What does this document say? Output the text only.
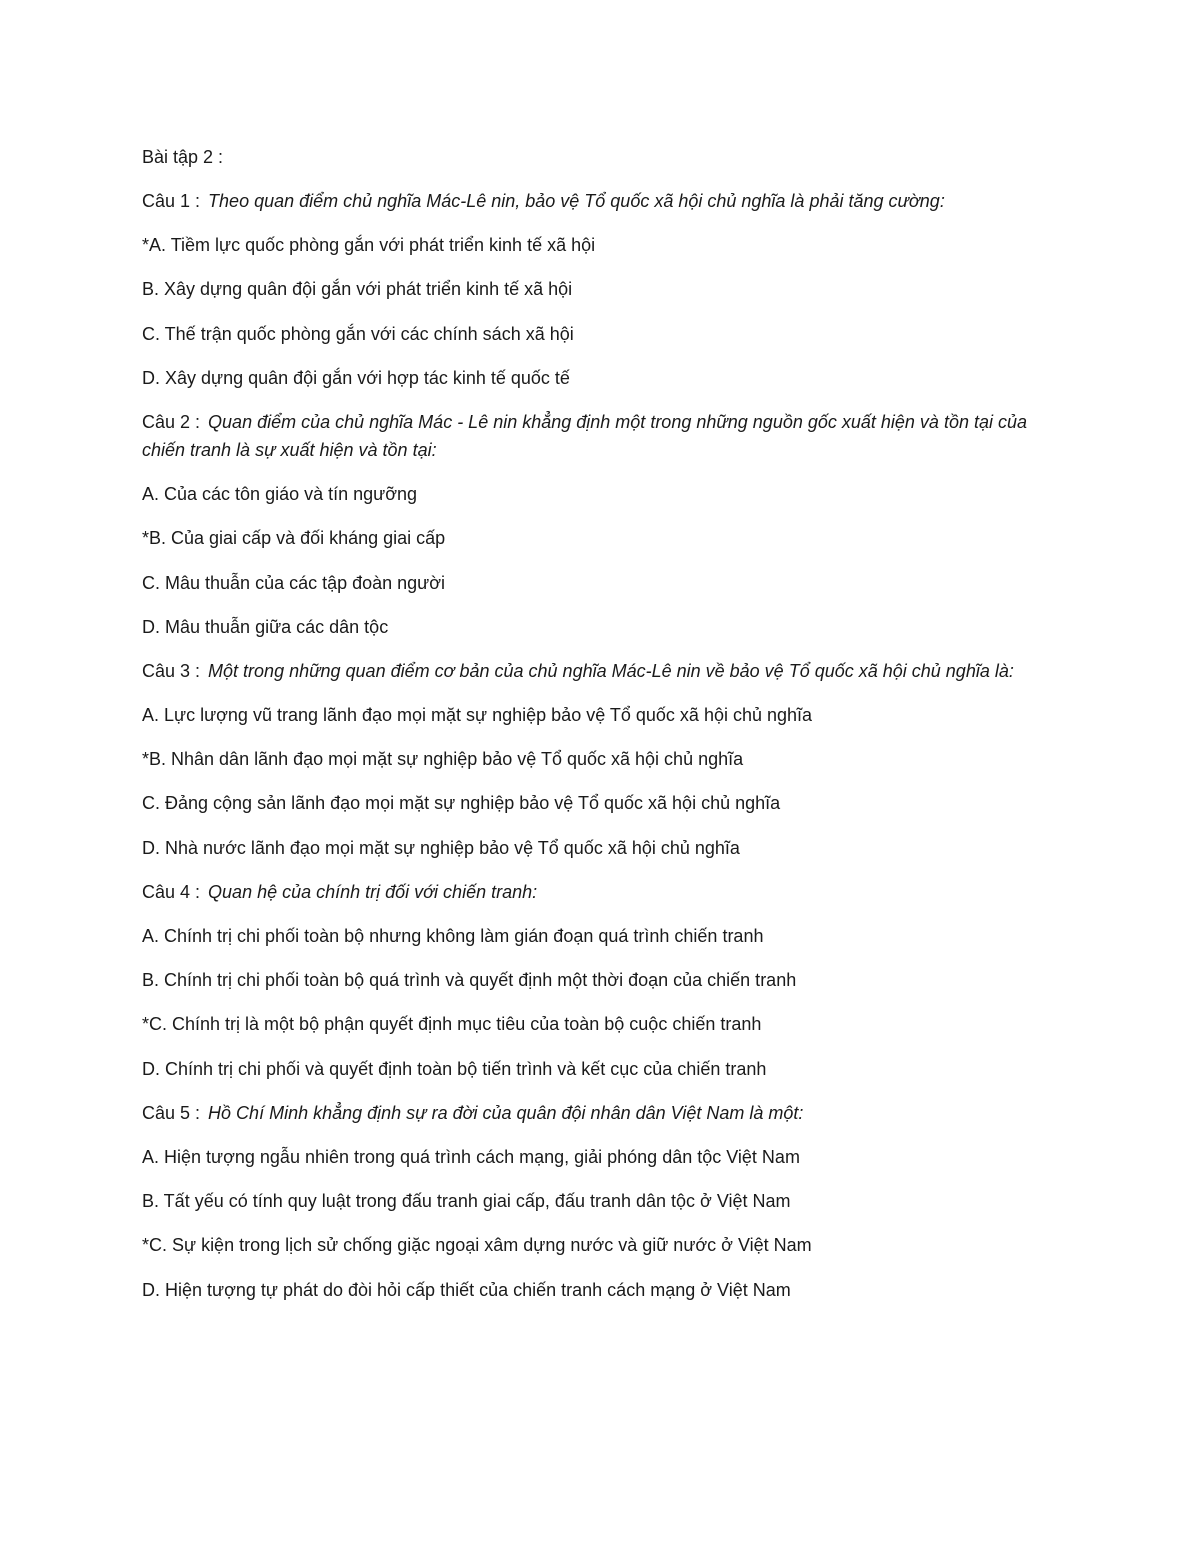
Bài tập 2 :
Câu 1 : Theo quan điểm chủ nghĩa Mác-Lê nin, bảo vệ Tổ quốc xã hội chủ nghĩa là phải tăng cường:
*A. Tiềm lực quốc phòng gắn với phát triển kinh tế xã hội
B. Xây dựng quân đội gắn với phát triển kinh tế xã hội
C. Thế trận quốc phòng gắn với các chính sách xã hội
D. Xây dựng quân đội gắn với hợp tác kinh tế quốc tế
Câu 2 : Quan điểm của chủ nghĩa Mác - Lê nin khẳng định một trong những nguồn gốc xuất hiện và tồn tại của chiến tranh là sự xuất hiện và tồn tại:
A. Của các tôn giáo và tín ngưỡng
*B. Của giai cấp và đối kháng giai cấp
C. Mâu thuẫn của các tập đoàn người
D. Mâu thuẫn giữa các dân tộc
Câu 3 : Một trong những quan điểm cơ bản của chủ nghĩa Mác-Lê nin về bảo vệ Tổ quốc xã hội chủ nghĩa là:
A. Lực lượng vũ trang lãnh đạo mọi mặt sự nghiệp bảo vệ Tổ quốc xã hội chủ nghĩa
*B. Nhân dân lãnh đạo mọi mặt sự nghiệp bảo vệ Tổ quốc xã hội chủ nghĩa
C. Đảng cộng sản lãnh đạo mọi mặt sự nghiệp bảo vệ Tổ quốc xã hội chủ nghĩa
D. Nhà nước lãnh đạo mọi mặt sự nghiệp bảo vệ Tổ quốc xã hội chủ nghĩa
Câu 4 : Quan hệ của chính trị đối với chiến tranh:
A. Chính trị chi phối toàn bộ nhưng không làm gián đoạn quá trình chiến tranh
B. Chính trị chi phối toàn bộ quá trình và quyết định một thời đoạn của chiến tranh
*C. Chính trị là một bộ phận quyết định mục tiêu của toàn bộ cuộc chiến tranh
D. Chính trị chi phối và quyết định toàn bộ tiến trình và kết cục của chiến tranh
Câu 5 : Hồ Chí Minh khẳng định sự ra đời của quân đội nhân dân Việt Nam là một:
A. Hiện tượng ngẫu nhiên trong quá trình cách mạng, giải phóng dân tộc Việt Nam
B. Tất yếu có tính quy luật trong đấu tranh giai cấp, đấu tranh dân tộc ở Việt Nam
*C. Sự kiện trong lịch sử chống giặc ngoại xâm dựng nước và giữ nước ở Việt Nam
D. Hiện tượng tự phát do đòi hỏi cấp thiết của chiến tranh cách mạng ở Việt Nam
